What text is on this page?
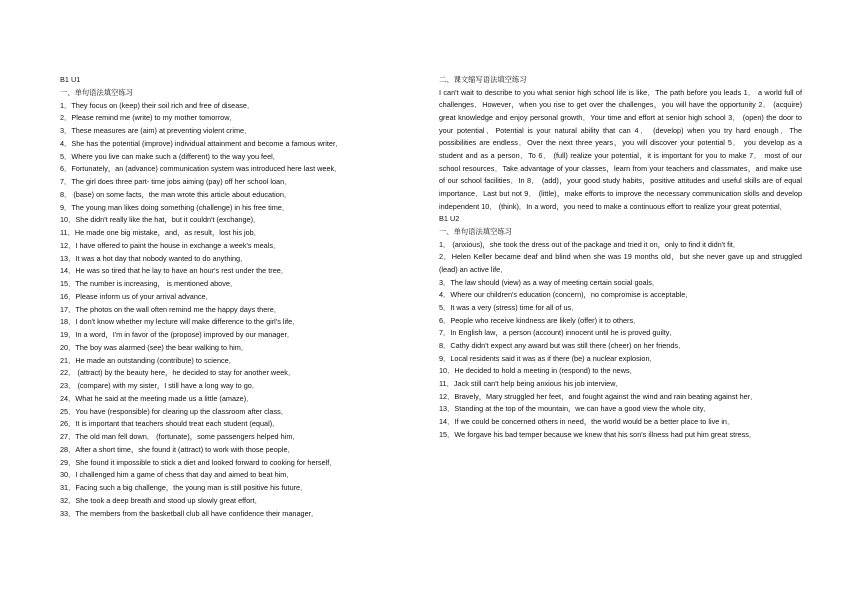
B1 U1
一、单句语法填空练习
1．They focus on (keep) their soil rich and free of disease．
2．Please remind me (write) to my mother tomorrow．
3．These measures are (aim) at preventing violent crime．
4．She has the potential (improve) individual attainment and become a famous writer．
5．Where you live can make such a (different) to the way you feel．
6．Fortunately，an (advance) communication system was introduced here last week．
7．The girl does three part- time jobs aiming (pay) off her school loan．
8． (base) on some facts，the man wrote this article about education．
9．The young man likes doing something (challenge) in his free time．
10．She didn't really like the hat，but it couldn't (exchange)．
11．He made one big mistake，and，as result，lost his job．
12．I have offered to paint the house in exchange a week's meals．
13．It was a hot day that nobody wanted to do anything．
14．He was so tired that he lay to have an hour's rest under the tree．
15．The number is increasing， is mentioned above．
16．Please inform us of your arrival advance．
17．The photos on the wall often remind me the happy days there．
18．I don't know whether my lecture will make difference to the girl's life．
19．In a word，I'm in favor of the (propose) improved by our manager．
20．The boy was alarmed (see) the bear walking to him．
21．He made an outstanding (contribute) to science．
22． (attract) by the beauty here，he decided to stay for another week．
23． (compare) with my sister，I still have a long way to go．
24．What he said at the meeting made us a little (amaze)．
25．You have (responsible) for clearing up the classroom after class．
26．It is important that teachers should treat each student (equal)．
27．The old man fell down． (fortunate)，some passengers helped him．
28．After a short time，she found it (attract) to work with those people．
29．She found it impossible to stick a diet and looked forward to cooking for herself．
30．I challenged him a game of chess that day and aimed to beat him．
31．Facing such a big challenge，the young man is still positive his future．
32．She took a deep breath and stood up slowly great effort．
33．The members from the basketball club all have confidence their manager．
二、课文缩写语法填空练习
I can't wait to describe to you what senior high school life is like．The path before you leads 1． a world full of challenges．However，when you rise to get over the challenges，you will have the opportunity 2． (acquire) great knowledge and enjoy personal growth．Your time and effort at senior high school 3． (open) the door to your potential．Potential is your natural ability that can 4． (develop) when you try hard enough．The possibilities are endless．Over the next three years，you will discover your potential 5． you develop as a student and as a person．To 6． (full) realize your potential，it is important for you to make 7． most of our school resources．Take advantage of your classes，learn from your teachers and classmates，and make use of our school facilities．In 8． (add)，your good study habits，positive attitudes and useful skills are of equal importance．Last but not 9． (little)，make efforts to improve the necessary communication skills and develop independent 10． (think)．In a word，you need to make a continuous effort to realize your great potential．
B1 U2
一、单句语法填空练习
1． (anxious)，she took the dress out of the package and tried it on，only to find it didn't fit．
2．Helen Keller became deaf and blind when she was 19 months old，but she never gave up and struggled (lead) an active life．
3．The law should (view) as a way of meeting certain social goals．
4．Where our children's education (concern)，no compromise is acceptable．
5．It was a very (stress) time for all of us．
6．People who receive kindness are likely (offer) it to others．
7．In English law，a person (account) innocent until he is proved guilty．
8．Cathy didn't expect any award but was still there (cheer) on her friends．
9．Local residents said it was as if there (be) a nuclear explosion．
10．He decided to hold a meeting in (respond) to the news．
11．Jack still can't help being anxious his job interview．
12．Bravely，Mary struggled her feet，and fought against the wind and rain beating against her．
13．Standing at the top of the mountain，we can have a good view the whole city．
14．If we could be concerned others in need，the world would be a better place to live in．
15．We forgave his bad temper because we knew that his son's illness had put him great stress．
